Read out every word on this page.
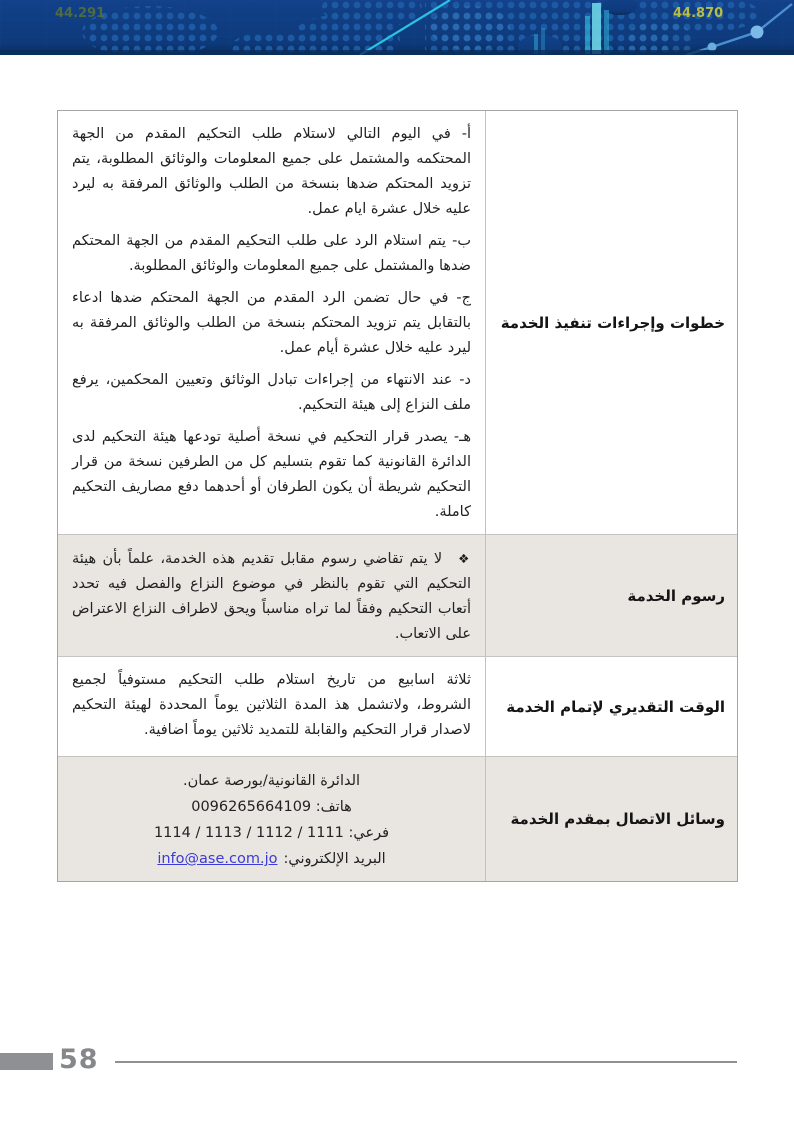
44.291	44.870
خطوات وإجراءات تنفيذ الخدمة

أ- في اليوم التالي لاستلام طلب التحكيم المقدم من الجهة المحتكمه والمشتمل على جميع المعلومات والوثائق المطلوبة، يتم تزويد المحتكم ضدها بنسخة من الطلب والوثائق المرفقة به ليرد عليه خلال عشرة ايام عمل.

ب- يتم استلام الرد على طلب التحكيم المقدم من الجهة المحتكم ضدها والمشتمل على جميع المعلومات والوثائق المطلوبة.

ج- في حال تضمن الرد المقدم من الجهة المحتكم ضدها ادعاء بالتقابل يتم تزويد المحتكم بنسخة من الطلب والوثائق المرفقة به ليرد عليه خلال عشرة أيام عمل.

د- عند الانتهاء من إجراءات تبادل الوثائق وتعيين المحكمين، يرفع ملف النزاع إلى هيئة التحكيم.

هـ- يصدر قرار التحكيم في نسخة أصلية تودعها هيئة التحكيم لدى الدائرة القانونية كما تقوم بتسليم كل من الطرفين نسخة من قرار التحكيم شريطة أن يكون الطرفان أو أحدهما دفع مصاريف التحكيم كاملة.

رسوم الخدمة

❖لا يتم تقاضي رسوم مقابل تقديم هذه الخدمة، علماً بأن هيئة التحكيم التي تقوم بالنظر في موضوع النزاع والفصل فيه تحدد أتعاب التحكيم وفقاً لما تراه مناسباً ويحق لاطراف النزاع الاعتراض على الاتعاب.

الوقت التقديري لإتمام الخدمة

ثلاثة اسابيع من تاريخ استلام طلب التحكيم مستوفياً لجميع الشروط، ولاتشمل هذ المدة الثلاثين يوماً المحددة لهيئة التحكيم لاصدار قرار التحكيم والقابلة للتمديد ثلاثين يوماً اضافية.

وسائل الاتصال بمقدم الخدمة
الدائرة القانونية/بورصة عمان.
هاتف: 0096265664109
فرعي: 1111 / 1112 / 1113 / 1114
البريد الإلكتروني:info@ase.com.jo
58
